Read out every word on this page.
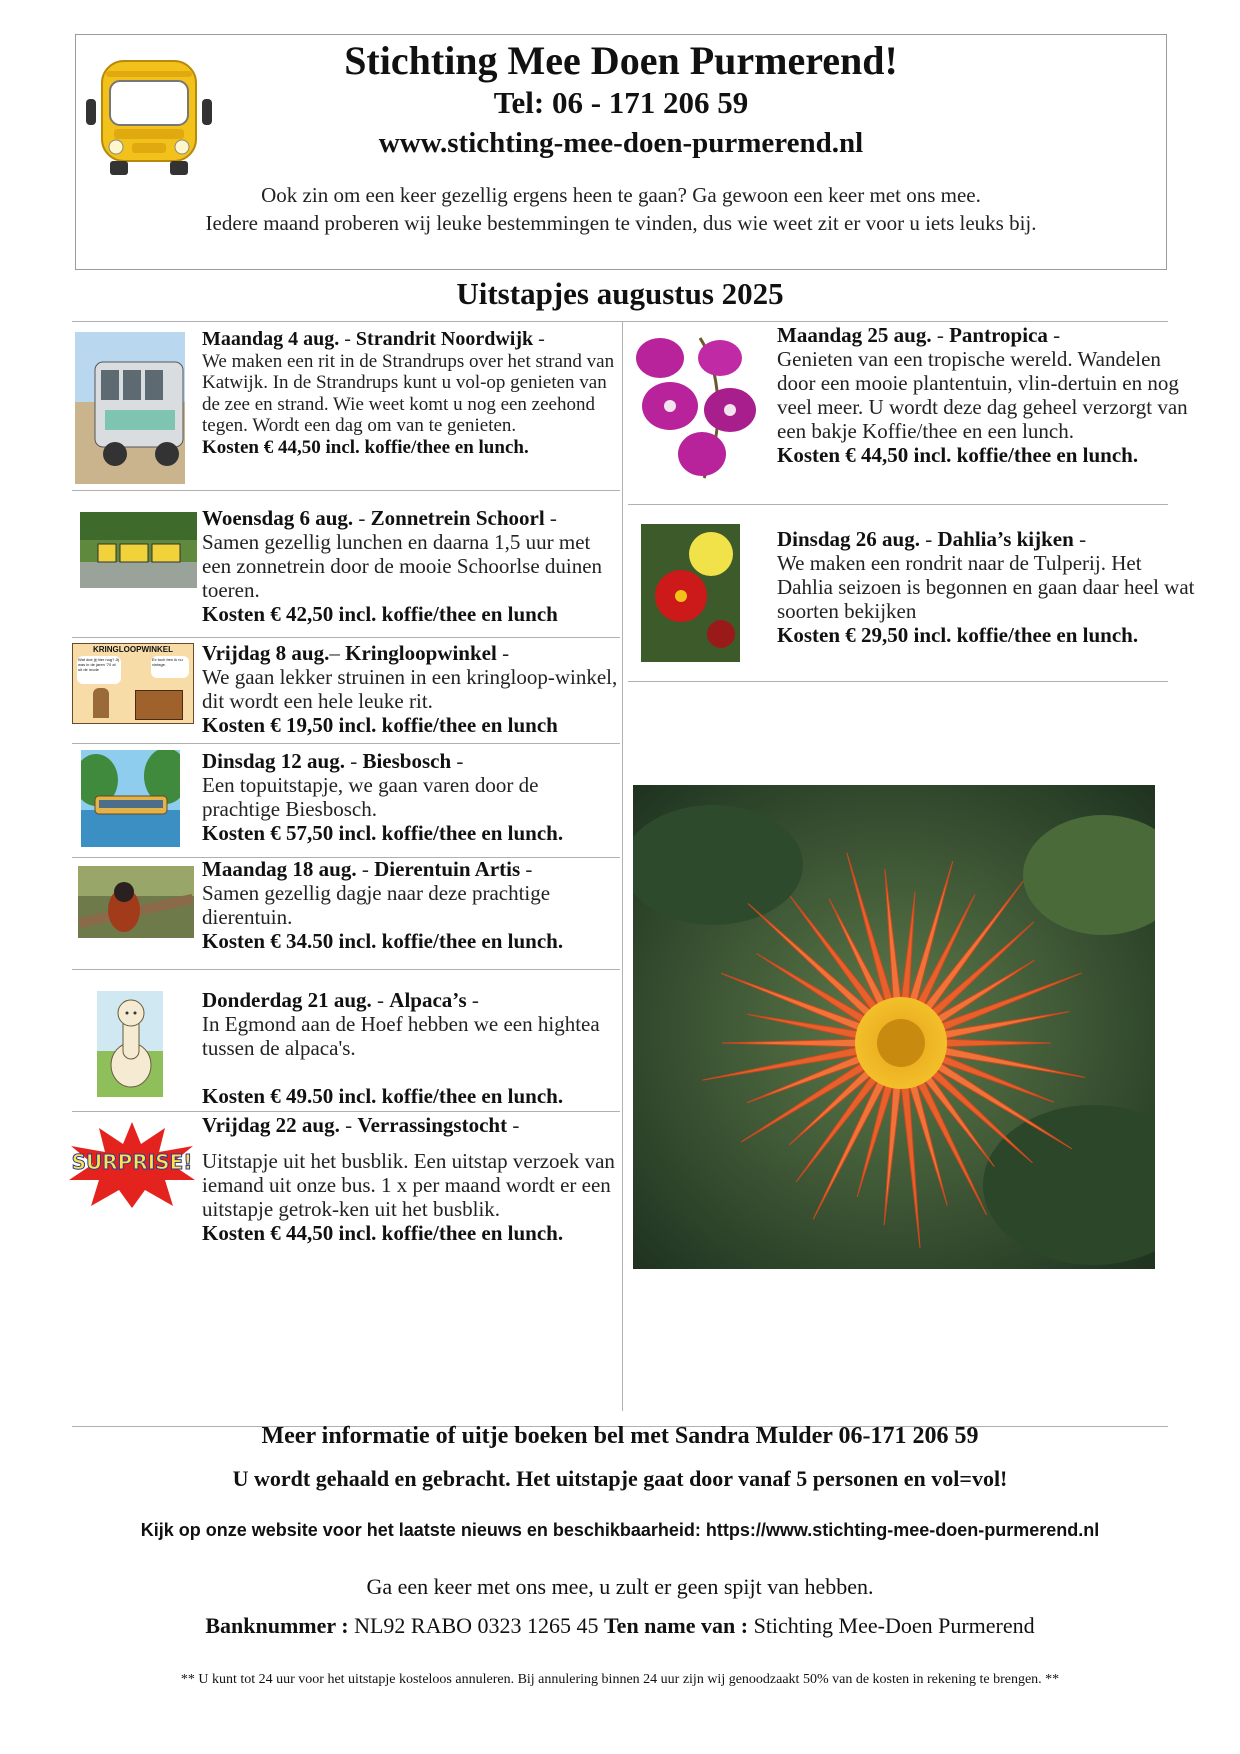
Stichting Mee Doen Purmerend!
Tel: 06 - 171 206 59
www.stichting-mee-doen-purmerend.nl
Ook zin om een keer gezellig ergens heen te gaan? Ga gewoon een keer met ons mee.
Iedere maand proberen wij leuke bestemmingen te vinden, dus wie weet zit er voor u iets leuks bij.
Uitstapjes augustus 2025
KRINGLOOPWINKEL
Wat doe jij hier nog? Jij was in de jaren '70 al uit de mode
Ex toch ben ik nu vintage.
SURPRISE!
Maandag 4 aug. - Strandrit Noordwijk -

We maken een rit in de Strandrups over het strand van Katwijk. In de Strandrups kunt u vol-op genieten van de zee en strand. Wie weet komt u nog een zeehond tegen. Wordt een dag om van te genieten.

Kosten € 44,50 incl. koffie/thee en lunch.
Woensdag 6 aug. - Zonnetrein Schoorl -

Samen gezellig lunchen en daarna 1,5 uur met een zonnetrein door de mooie Schoorlse duinen toeren.

Kosten € 42,50 incl. koffie/thee en lunch
Vrijdag 8 aug.– Kringloopwinkel -

We gaan lekker struinen in een kringloop-winkel, dit wordt een hele leuke rit.

Kosten € 19,50 incl. koffie/thee en lunch
Dinsdag 12 aug. - Biesbosch -

Een topuitstapje, we gaan varen door de prachtige Biesbosch.

Kosten € 57,50 incl. koffie/thee en lunch.
Maandag 18 aug. - Dierentuin Artis -

Samen gezellig dagje naar deze prachtige dierentuin.

Kosten € 34.50 incl. koffie/thee en lunch.
Donderdag 21 aug. - Alpaca’s -

In Egmond aan de Hoef hebben we een hightea tussen de alpaca's.

Kosten € 49.50 incl. koffie/thee en lunch.
Vrijdag 22 aug. - Verrassingstocht -

Uitstapje uit het busblik. Een uitstap verzoek van iemand uit onze bus. 1 x per maand wordt er een uitstapje getrok-ken uit het busblik.

Kosten € 44,50 incl. koffie/thee en lunch.
Maandag 25 aug. - Pantropica -

Genieten van een tropische wereld. Wandelen door een mooie plantentuin, vlin-dertuin en nog veel meer. U wordt deze dag geheel verzorgt van een bakje Koffie/thee en een lunch.

Kosten € 44,50 incl. koffie/thee en lunch.
Dinsdag 26 aug. - Dahlia’s kijken -

We maken een rondrit naar de Tulperij. Het Dahlia seizoen is begonnen en gaan daar heel wat soorten bekijken

Kosten € 29,50 incl. koffie/thee en lunch.
Meer informatie of uitje boeken bel met Sandra Mulder 06-171 206 59
U wordt gehaald en gebracht. Het uitstapje gaat door vanaf 5 personen en vol=vol!
Kijk op onze website voor het laatste nieuws en beschikbaarheid: https://www.stichting-mee-doen-purmerend.nl
Ga een keer met ons mee, u zult er geen spijt van hebben.
Banknummer : NL92 RABO 0323 1265 45 Ten name van : Stichting Mee-Doen Purmerend
** U kunt tot 24 uur voor het uitstapje kosteloos annuleren. Bij annulering binnen 24 uur zijn wij genoodzaakt 50% van de kosten in rekening te brengen. **
